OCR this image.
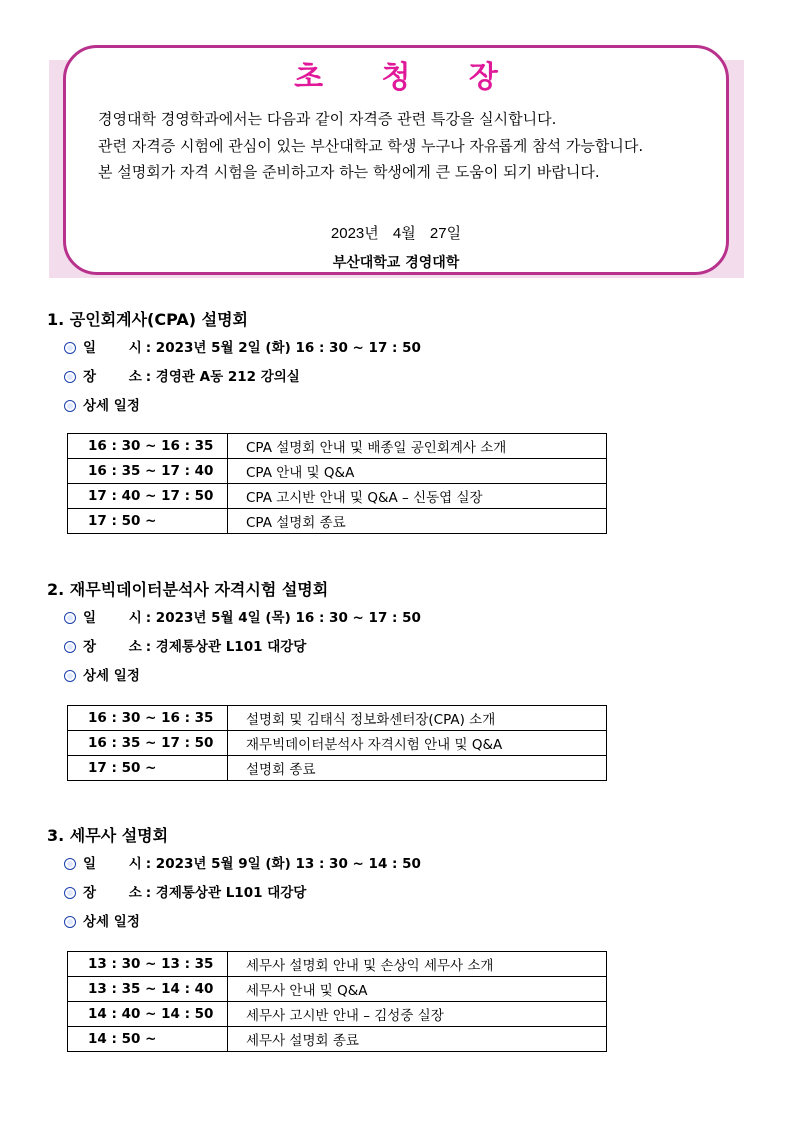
초 청 장
경영대학 경영학과에서는 다음과 같이 자격증 관련 특강을 실시합니다.
관련 자격증 시험에 관심이 있는 부산대학교 학생 누구나 자유롭게 참석 가능합니다.
본 설명회가 자격 시험을 준비하고자 하는 학생에게 큰 도움이 되기 바랍니다.
2023년 4월 27일
부산대학교 경영대학
1. 공인회계사(CPA) 설명회
일 시 : 2023년 5월 2일 (화) 16 : 30 ~ 17 : 50
장 소 : 경영관 A동 212 강의실
상세 일정
16 : 30 ~ 16 : 35	CPA 설명회 안내 및 배종일 공인회계사 소개
16 : 35 ~ 17 : 40	CPA 안내 및 Q&A
17 : 40 ~ 17 : 50	CPA 고시반 안내 및 Q&A – 신동엽 실장
17 : 50 ~	CPA 설명회 종료
2. 재무빅데이터분석사 자격시험 설명회
일 시 : 2023년 5월 4일 (목) 16 : 30 ~ 17 : 50
장 소 : 경제통상관 L101 대강당
상세 일정
16 : 30 ~ 16 : 35	설명회 및 김태식 정보화센터장(CPA) 소개
16 : 35 ~ 17 : 50	재무빅데이터분석사 자격시험 안내 및 Q&A
17 : 50 ~	설명회 종료
3. 세무사 설명회
일 시 : 2023년 5월 9일 (화) 13 : 30 ~ 14 : 50
장 소 : 경제통상관 L101 대강당
상세 일정
13 : 30 ~ 13 : 35	세무사 설명회 안내 및 손상익 세무사 소개
13 : 35 ~ 14 : 40	세무사 안내 및 Q&A
14 : 40 ~ 14 : 50	세무사 고시반 안내 – 김성중 실장
14 : 50 ~	세무사 설명회 종료
